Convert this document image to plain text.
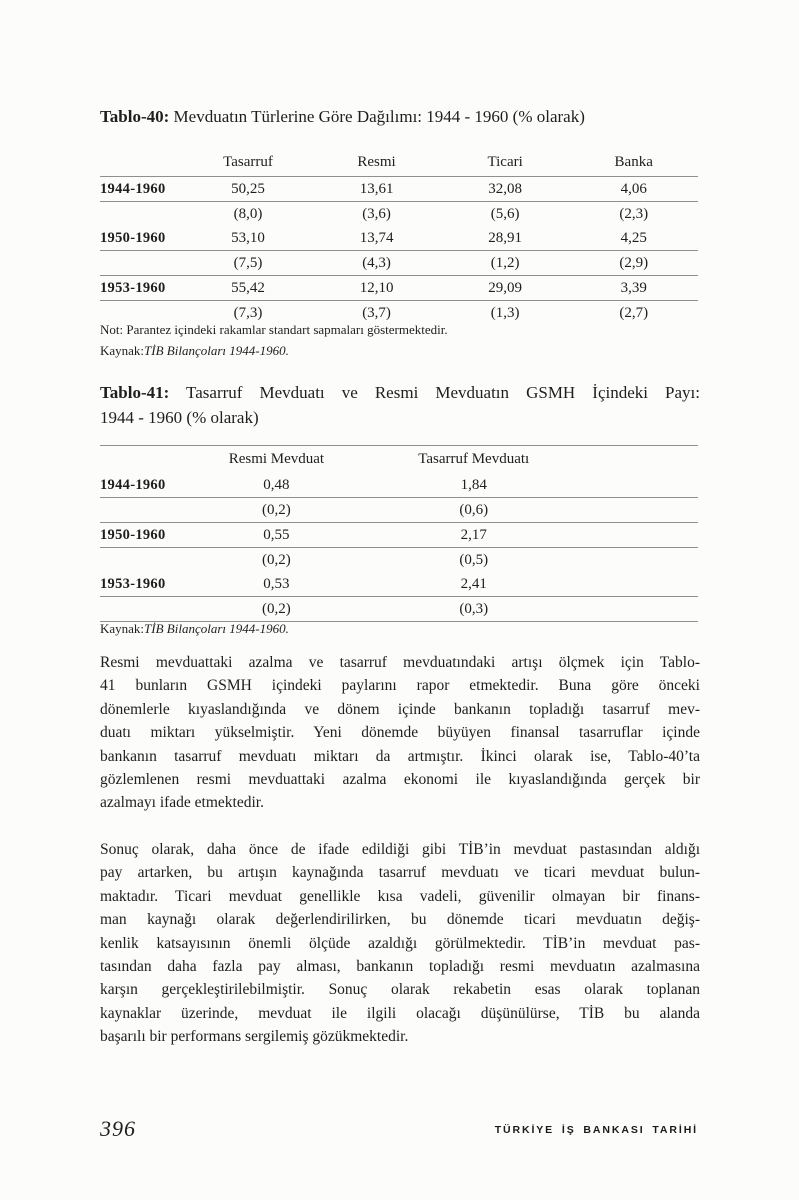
Tablo-40: Mevduatın Türlerine Göre Dağılımı: 1944 - 1960 (% olarak)
	Tasarruf	Resmi	Ticari	Banka
1944-1960	50,25	13,61	32,08	4,06
	(8,0)	(3,6)	(5,6)	(2,3)
1950-1960	53,10	13,74	28,91	4,25
	(7,5)	(4,3)	(1,2)	(2,9)
1953-1960	55,42	12,10	29,09	3,39
	(7,3)	(3,7)	(1,3)	(2,7)
Not: Parantez içindeki rakamlar standart sapmaları göstermektedir.
Kaynak:TİB Bilançoları 1944-1960.
Tablo-41: Tasarruf Mevduatı ve Resmi Mevduatın GSMH İçindeki Payı:
1944 - 1960 (% olarak)
	Resmi Mevduat	Tasarruf Mevduatı	
1944-1960	0,48	1,84	
	(0,2)	(0,6)	
1950-1960	0,55	2,17	
	(0,2)	(0,5)	
1953-1960	0,53	2,41	
	(0,2)	(0,3)	
Kaynak:TİB Bilançoları 1944-1960.
Resmi mevduattaki azalma ve tasarruf mevduatındaki artışı ölçmek için Tablo-
41 bunların GSMH içindeki paylarını rapor etmektedir. Buna göre önceki
dönemlerle kıyaslandığında ve dönem içinde bankanın topladığı tasarruf mev-
duatı miktarı yükselmiştir. Yeni dönemde büyüyen finansal tasarruflar içinde
bankanın tasarruf mevduatı miktarı da artmıştır. İkinci olarak ise, Tablo-40’ta
gözlemlenen resmi mevduattaki azalma ekonomi ile kıyaslandığında gerçek bir
azalmayı ifade etmektedir.
Sonuç olarak, daha önce de ifade edildiği gibi TİB’in mevduat pastasından aldığı
pay artarken, bu artışın kaynağında tasarruf mevduatı ve ticari mevduat bulun-
maktadır. Ticari mevduat genellikle kısa vadeli, güvenilir olmayan bir finans-
man kaynağı olarak değerlendirilirken, bu dönemde ticari mevduatın değiş-
kenlik katsayısının önemli ölçüde azaldığı görülmektedir. TİB’in mevduat pas-
tasından daha fazla pay alması, bankanın topladığı resmi mevduatın azalmasına
karşın gerçekleştirilebilmiştir. Sonuç olarak rekabetin esas olarak toplanan
kaynaklar üzerinde, mevduat ile ilgili olacağı düşünülürse, TİB bu alanda
başarılı bir performans sergilemiş gözükmektedir.
396	TÜRKİYE İŞ BANKASI TARİHİ
